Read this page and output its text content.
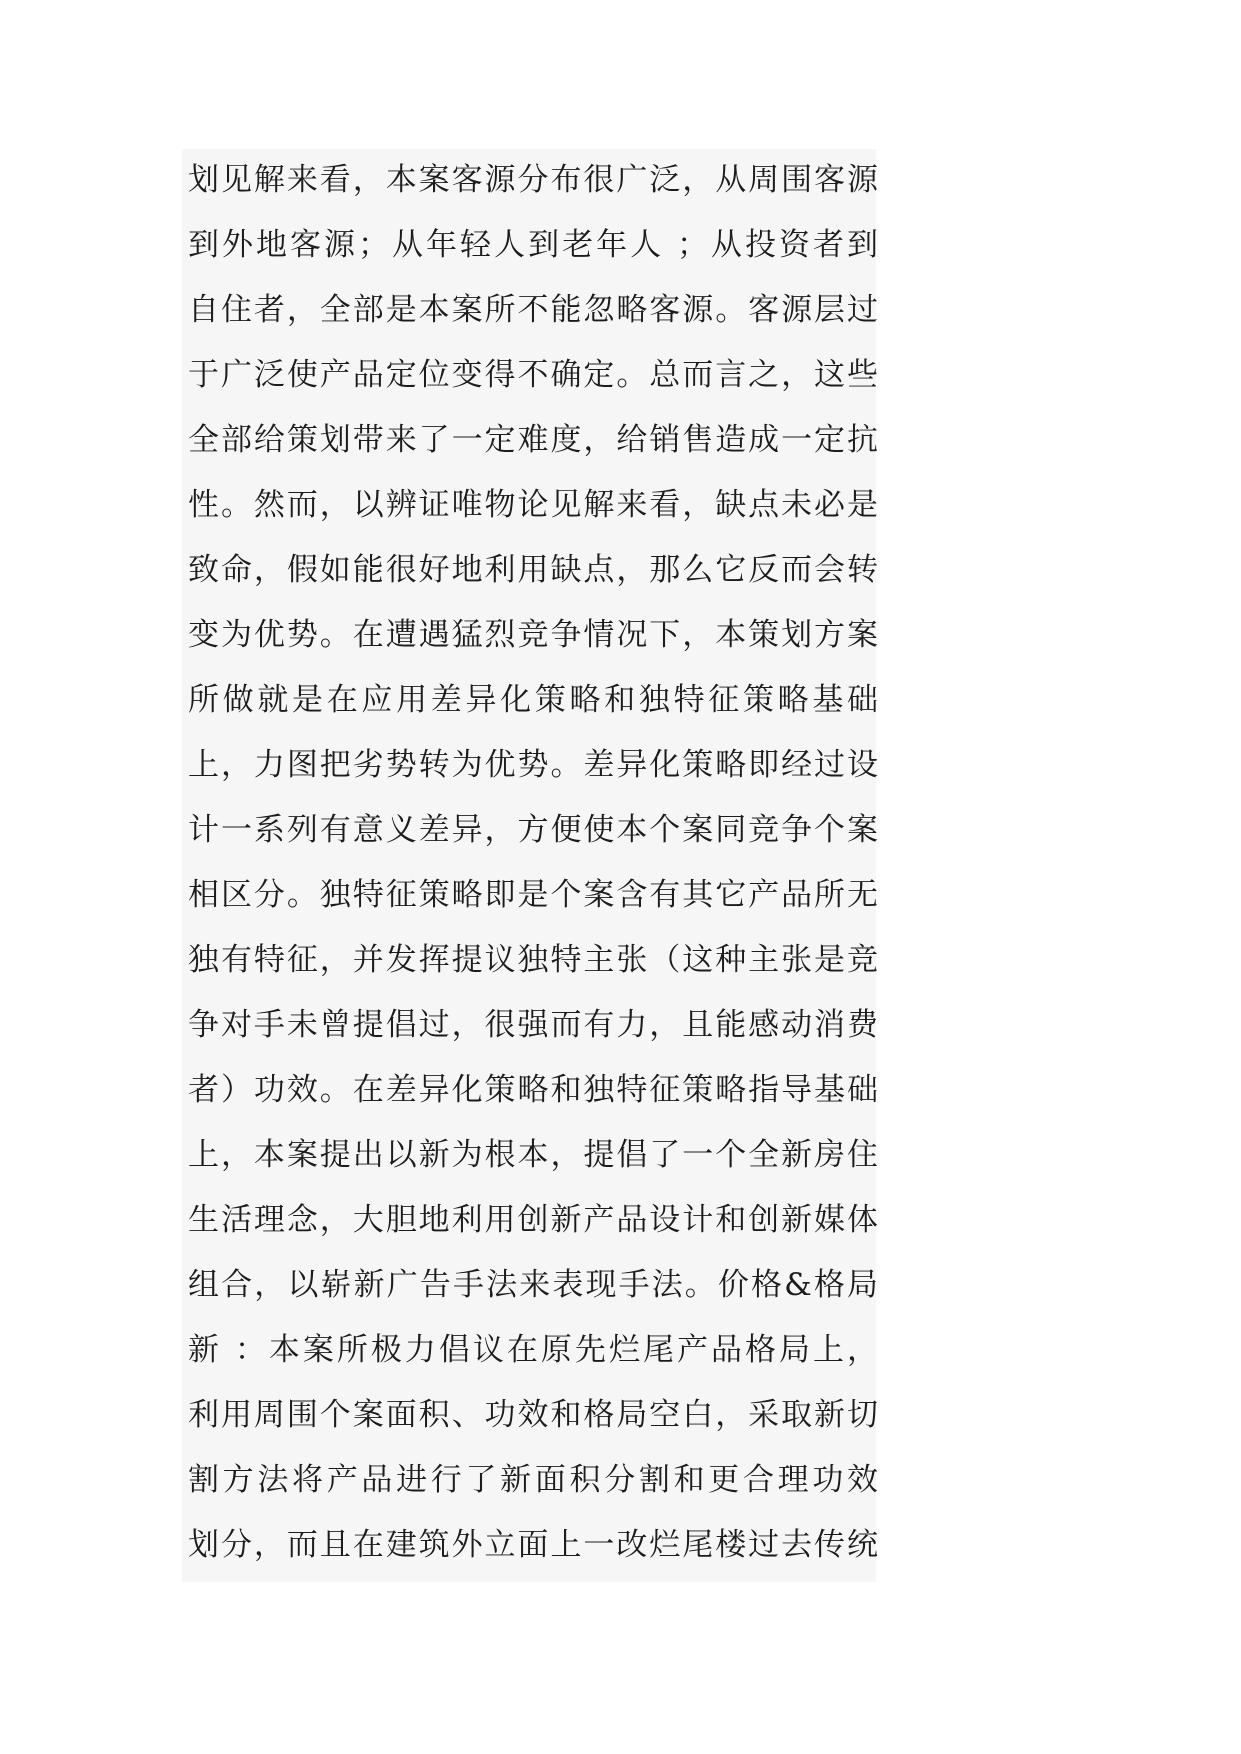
划见解来看，本案客源分布很广泛，从周围客源
到外地客源；从年轻人到老年人 ；从投资者到
自住者，全部是本案所不能忽略客源。客源层过
于广泛使产品定位变得不确定。总而言之，这些
全部给策划带来了一定难度，给销售造成一定抗
性。然而，以辨证唯物论见解来看，缺点未必是
致命，假如能很好地利用缺点，那么它反而会转
变为优势。在遭遇猛烈竞争情况下，本策划方案
所做就是在应用差异化策略和独特征策略基础
上，力图把劣势转为优势。差异化策略即经过设
计一系列有意义差异，方便使本个案同竞争个案
相区分。独特征策略即是个案含有其它产品所无
独有特征，并发挥提议独特主张（这种主张是竞
争对手未曾提倡过，很强而有力，且能感动消费
者）功效。在差异化策略和独特征策略指导基础
上，本案提出以新为根本，提倡了一个全新房住
生活理念，大胆地利用创新产品设计和创新媒体
组合，以崭新广告手法来表现手法。价格&格局
新 ：本案所极力倡议在原先烂尾产品格局上，
利用周围个案面积、功效和格局空白，采取新切
割方法将产品进行了新面积分割和更合理功效
划分，而且在建筑外立面上一改烂尾楼过去传统
